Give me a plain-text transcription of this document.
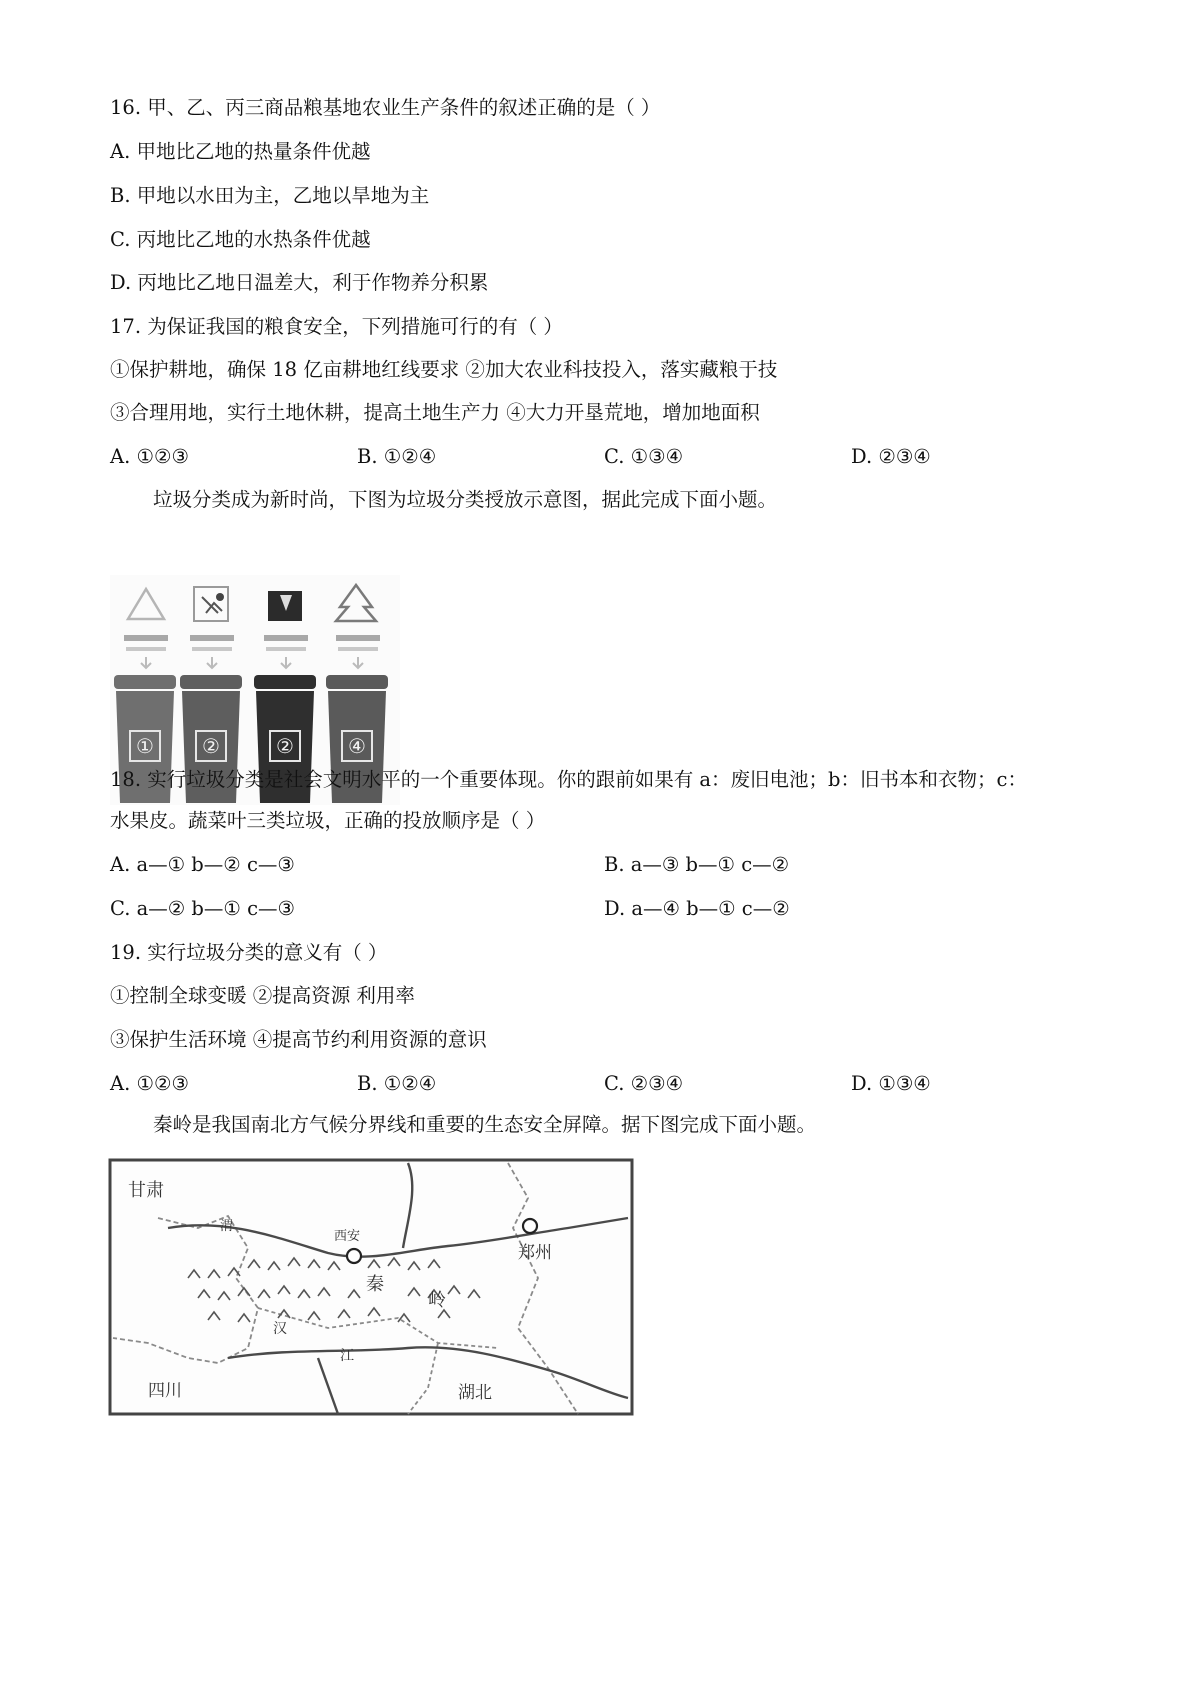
16. 甲、乙、丙三商品粮基地农业生产条件的叙述正确的是（ ）
A. 甲地比乙地的热量条件优越
B. 甲地以水田为主，乙地以旱地为主
C. 丙地比乙地的水热条件优越
D. 丙地比乙地日温差大，利于作物养分积累
17. 为保证我国的粮食安全，下列措施可行的有（ ）
①保护耕地，确保 18 亿亩耕地红线要求 ②加大农业科技投入，落实藏粮于技
③合理用地，实行土地休耕，提高土地生产力 ④大力开垦荒地，增加地面积
A. ①②③	B. ①②④	C. ①③④	D. ②③④
垃圾分类成为新时尚，下图为垃圾分类授放示意图，据此完成下面小题。
① ②	②	④
18. 实行垃圾分类是社会文明水平的一个重要体现。你的跟前如果有 a：废旧电池；b：旧书本和衣物；c：
水果皮。蔬菜叶三类垃圾，正确的投放顺序是（ ）
A. a—① b—② c—③	B. a—③ b—① c—②
C. a—② b—① c—③	D. a—④ b—① c—②
19. 实行垃圾分类的意义有（ ）
①控制全球变暖 ②提高资源 利用率
③保护生活环境 ④提高节约利用资源的意识
A. ①②③	B. ①②④	C. ②③④	D. ①③④
秦岭是我国南北方气候分界线和重要的生态安全屏障。据下图完成下面小题。
甘肃
西安
郑州
四川	湖北
秦
岭
汉
江
渭
